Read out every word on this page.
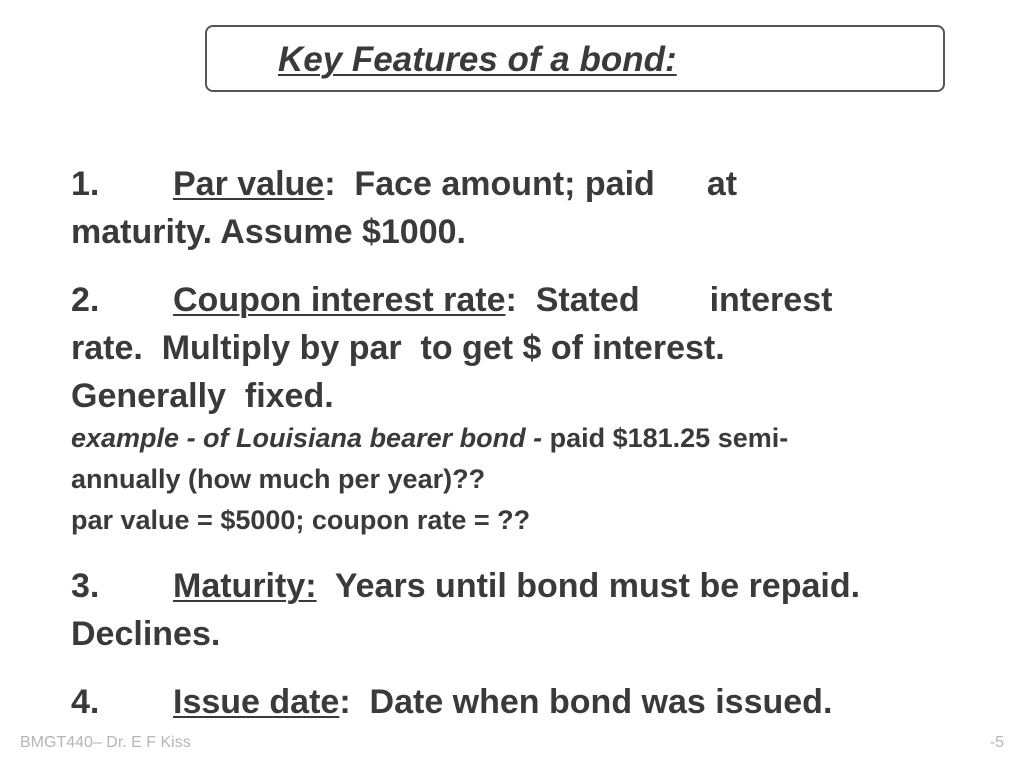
Key Features of a bond:
1. Par value:  Face amount; paid at
maturity. Assume $1000.
2. Coupon interest rate:  Stated interest
rate.  Multiply by par  to get $ of interest.
Generally  fixed.
example - of Louisiana bearer bond - paid $181.25 semi-
annually (how much per year)??
par value = $5000; coupon rate = ??
3. Maturity:  Years until bond must be repaid.
Declines.
4. Issue date:  Date when bond was issued.
BMGT440– Dr. E F Kiss	-5
